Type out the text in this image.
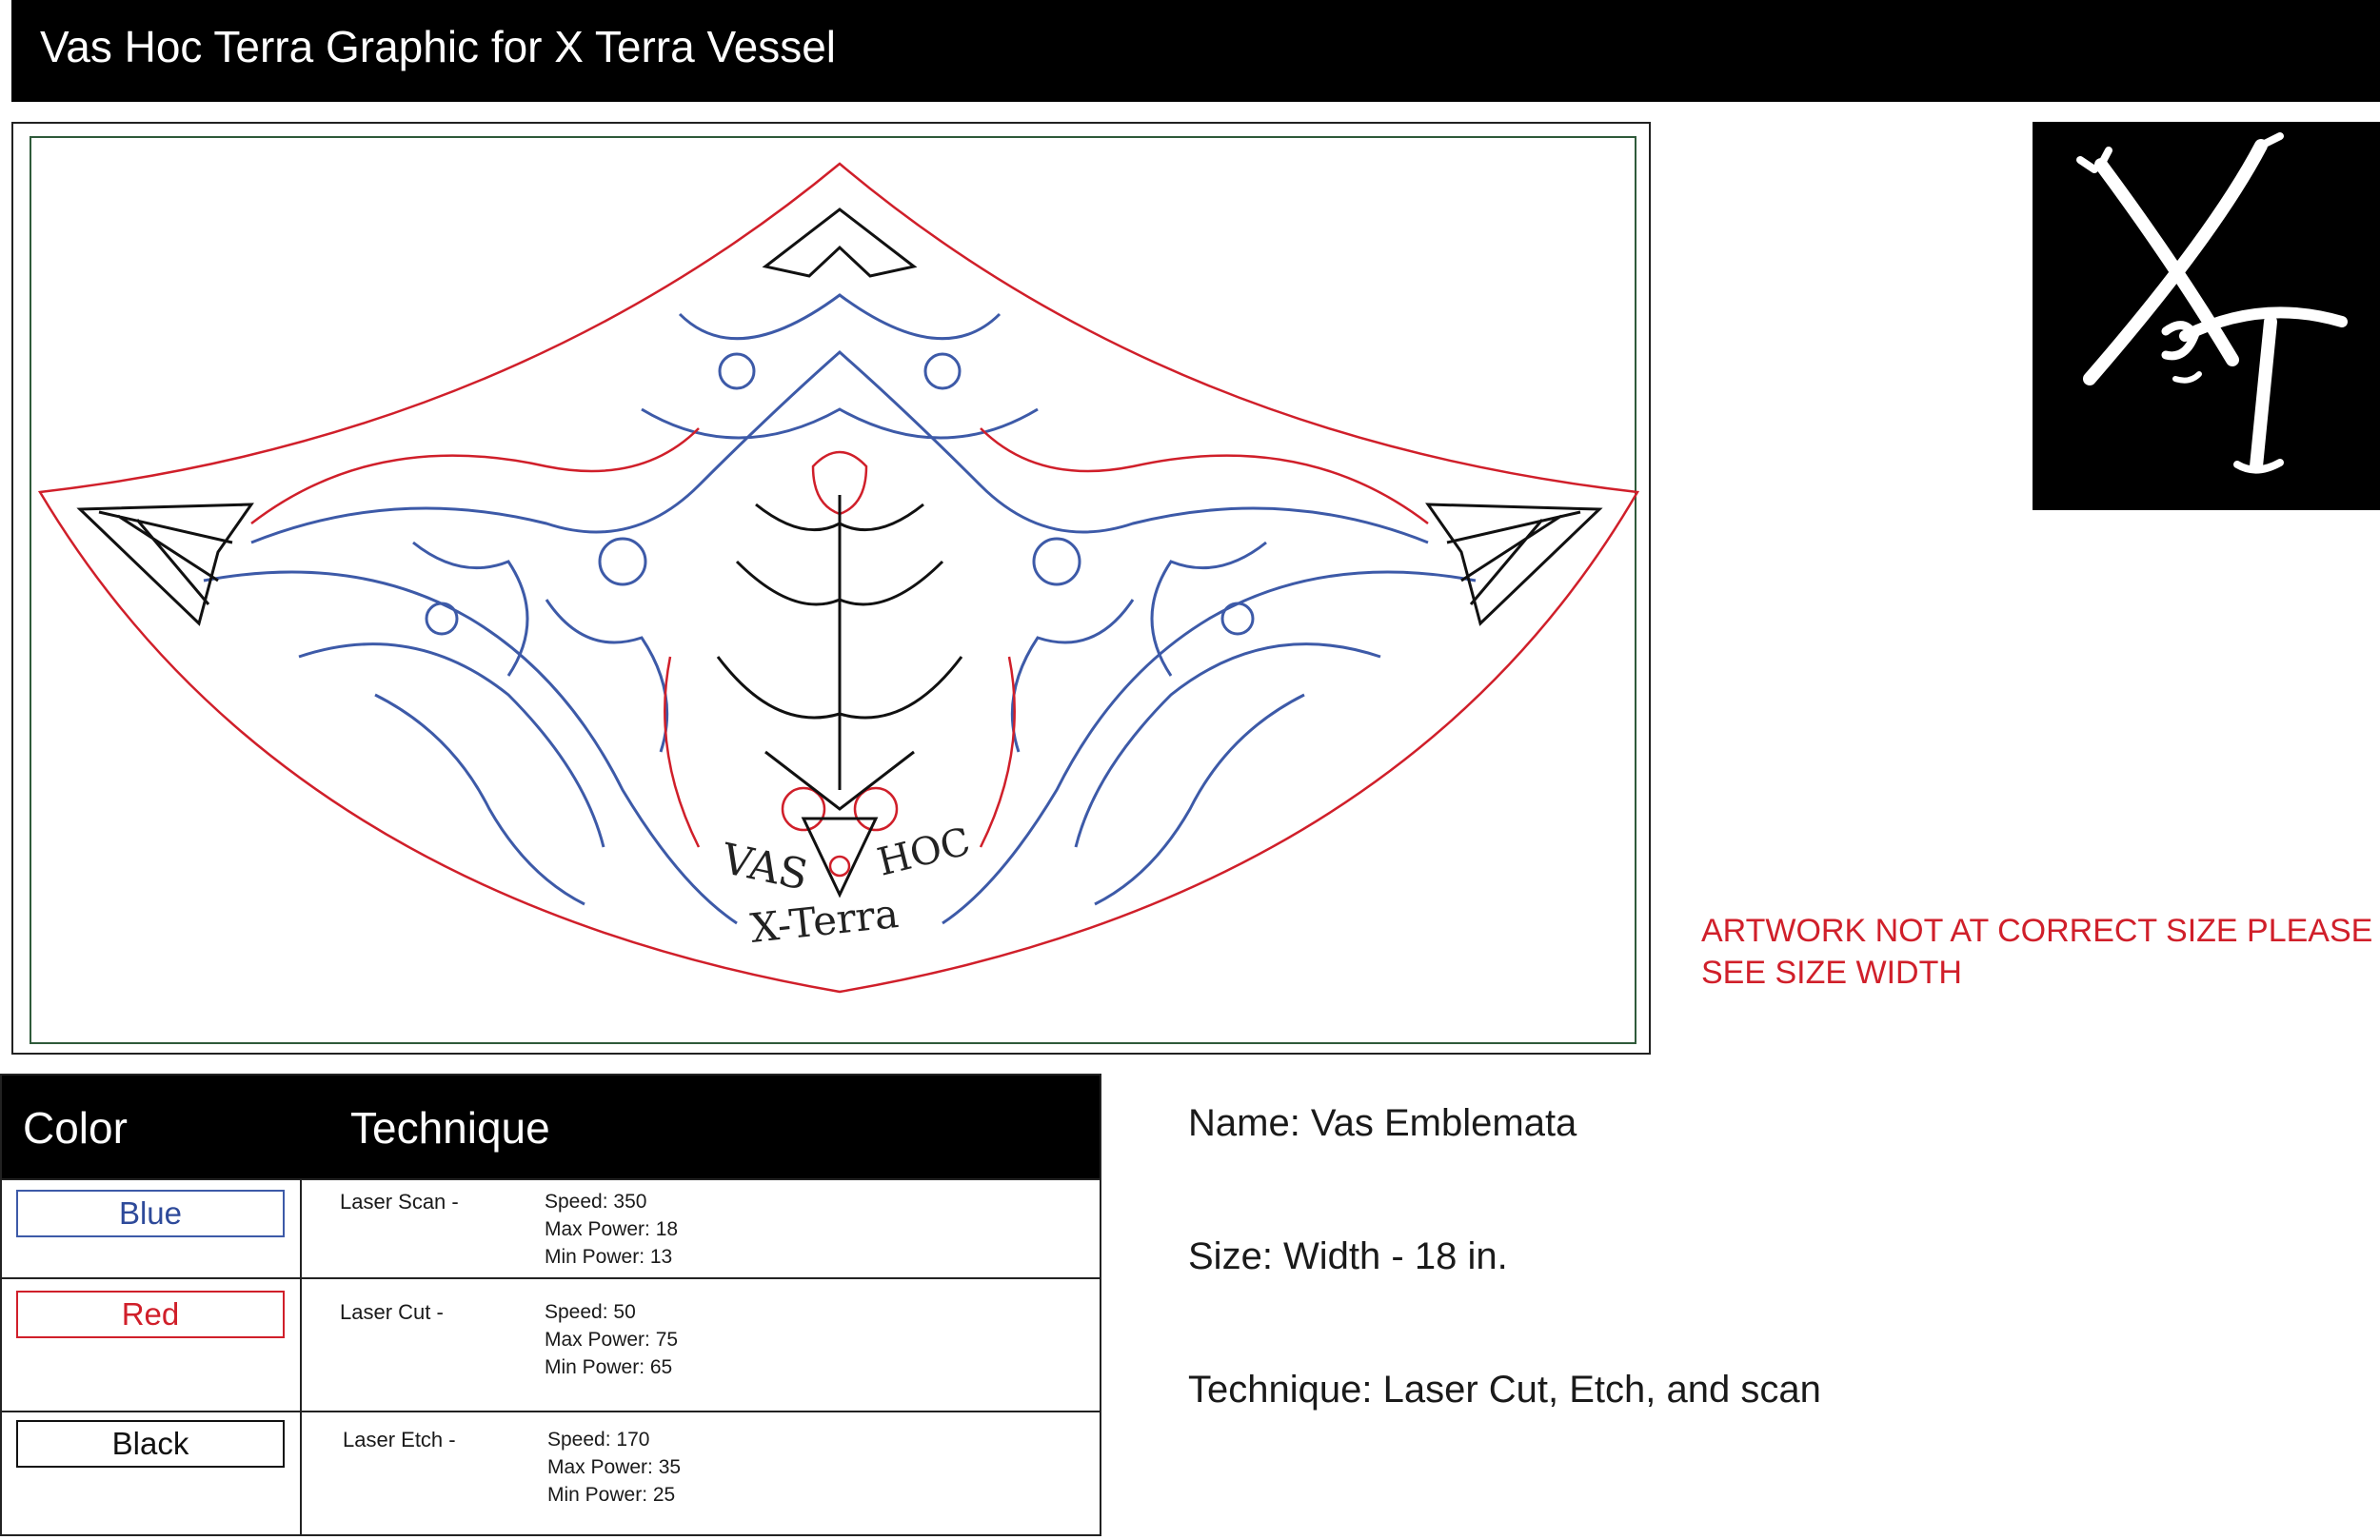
Vas Hoc Terra Graphic for X Terra Vessel
VAS HOC
X-Terra	ARTWORK NOT AT CORRECT SIZE PLEASE
SEE SIZE WIDTH
Color	Technique
Blue	Laser Scan -	Speed: 350
Max Power: 18
Min Power: 13
Red	Laser Cut -	Speed: 50
Max Power: 75
Min Power: 65
Black	Laser Etch -	Speed: 170
Max Power: 35
Min Power: 25
Name: Vas Emblemata
Size: Width - 18 in.
Technique: Laser Cut, Etch, and scan
